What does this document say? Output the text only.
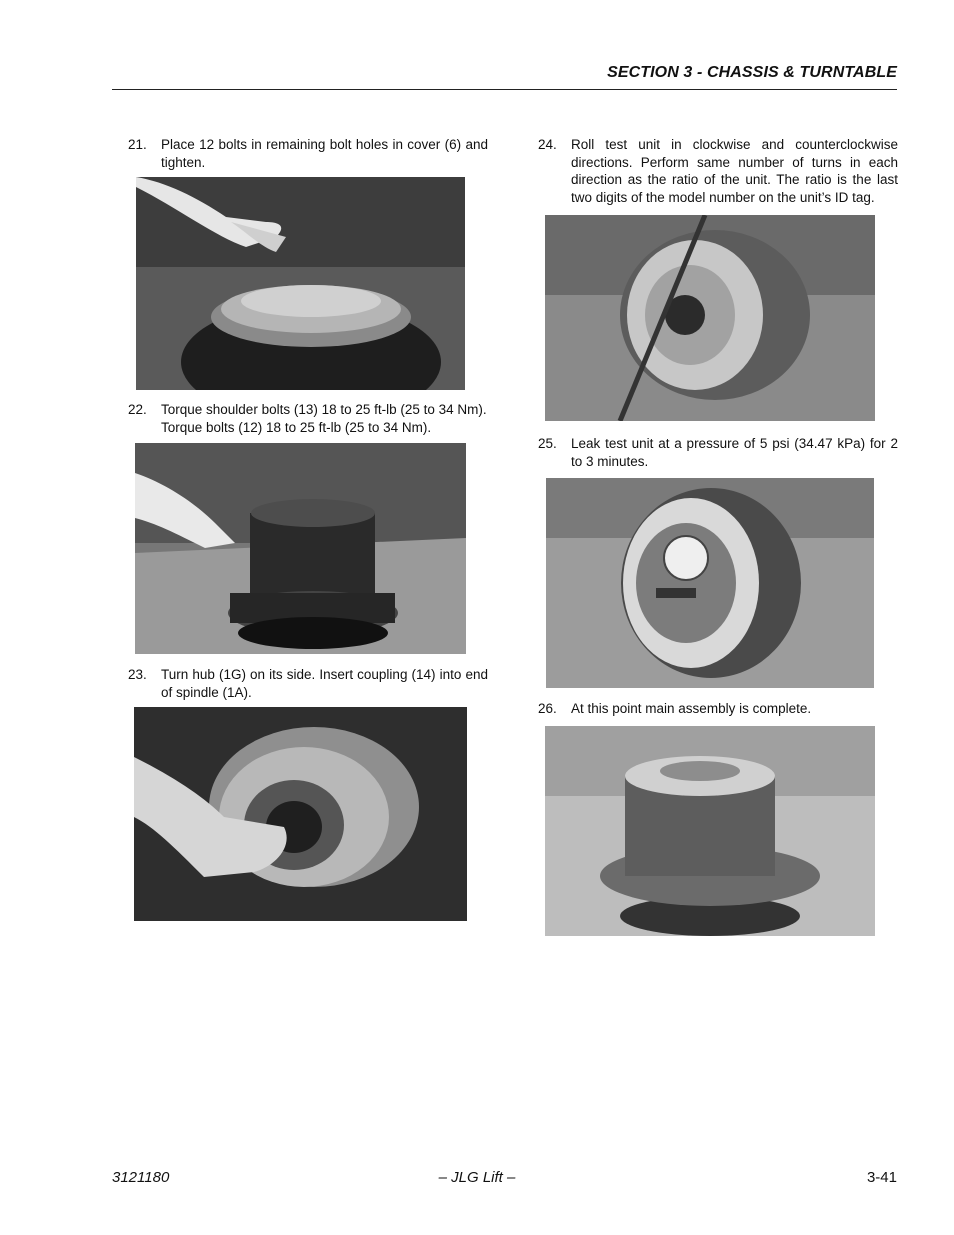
SECTION 3 - CHASSIS & TURNTABLE
21. Place 12 bolts in remaining bolt holes in cover (6) and tighten.
22. Torque shoulder bolts (13) 18 to 25 ft-lb (25 to 34 Nm). Torque bolts (12) 18 to 25 ft-lb (25 to 34 Nm).
23. Turn hub (1G) on its side. Insert coupling (14) into end of spindle (1A).
24. Roll test unit in clockwise and counterclockwise directions. Perform same number of turns in each direction as the ratio of the unit. The ratio is the last two digits of the model number on the unit’s ID tag.
25. Leak test unit at a pressure of 5 psi (34.47 kPa) for 2 to 3 minutes.
26. At this point main assembly is complete.
3121180	– JLG Lift –	3-41
